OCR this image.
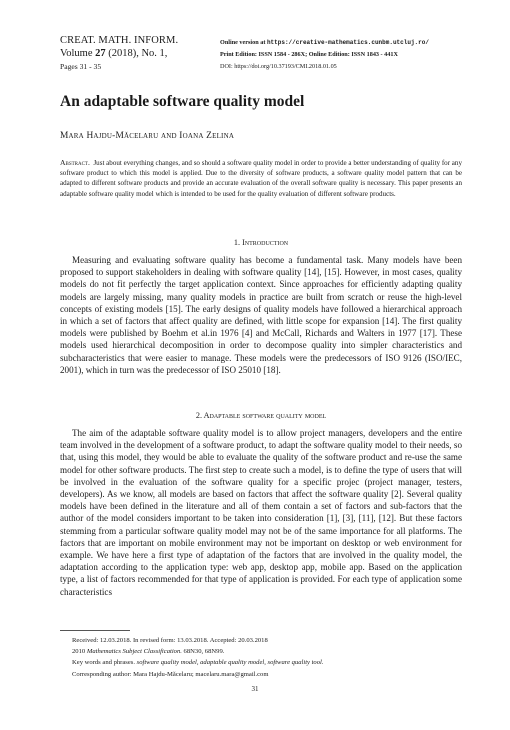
CREAT. MATH. INFORM.
Volume 27 (2018), No. 1,
Pages 31 - 35
Online version at https://creative-mathematics.cunbm.utcluj.ro/
Print Edition: ISSN 1584 - 286X; Online Edition: ISSN 1843 - 441X
DOI: https://doi.org/10.37193/CMI.2018.01.05
An adaptable software quality model
Mara Hajdu-Măcelaru and Ioana Zelina
Abstract. Just about everything changes, and so should a software quality model in order to provide a better understanding of quality for any software product to which this model is applied. Due to the diversity of software products, a software quality model pattern that can be adapted to different software products and provide an accurate evaluation of the overall software quality is necessary. This paper presents an adaptable software quality model which is intended to be used for the quality evaluation of different software products.
1. Introduction
Measuring and evaluating software quality has become a fundamental task. Many models have been proposed to support stakeholders in dealing with software quality [14], [15]. However, in most cases, quality models do not fit perfectly the target application context. Since approaches for efficiently adapting quality models are largely missing, many quality models in practice are built from scratch or reuse the high-level concepts of existing models [15]. The early designs of quality models have followed a hierarchical approach in which a set of factors that affect quality are defined, with little scope for expansion [14]. The first quality models were published by Boehm et al.in 1976 [4] and McCall, Richards and Walters in 1977 [17]. These models used hierarchical decomposition in order to decompose quality into simpler characteristics and subcharacteristics that were easier to manage. These models were the predecessors of ISO 9126 (ISO/IEC, 2001), which in turn was the predecessor of ISO 25010 [18].
2. Adaptable software quality model
The aim of the adaptable software quality model is to allow project managers, developers and the entire team involved in the development of a software product, to adapt the software quality model to their needs, so that, using this model, they would be able to evaluate the quality of the software product and re-use the same model for other software products. The first step to create such a model, is to define the type of users that will be involved in the evaluation of the software quality for a specific projec (project manager, testers, developers). As we know, all models are based on factors that affect the software quality [2]. Several quality models have been defined in the literature and all of them contain a set of factors and sub-factors that the author of the model considers important to be taken into consideration [1], [3], [11], [12]. But these factors stemming from a particular software quality model may not be of the same importance for all platforms. The factors that are important on mobile environment may not be important on desktop or web environment for example. We have here a first type of adaptation of the factors that are involved in the quality model, the adaptation according to the application type: web app, desktop app, mobile app. Based on the application type, a list of factors recommended for that type of application is provided. For each type of application some characteristics
Received: 12.03.2018. In revised form: 13.03.2018. Accepted: 20.03.2018
2010 Mathematics Subject Classification. 68N30, 68N99.
Key words and phrases. software quality model, adaptable quality model, software quality tool.
Corresponding author: Mara Hajdu-Măcelaru; macelaru.mara@gmail.com
31
